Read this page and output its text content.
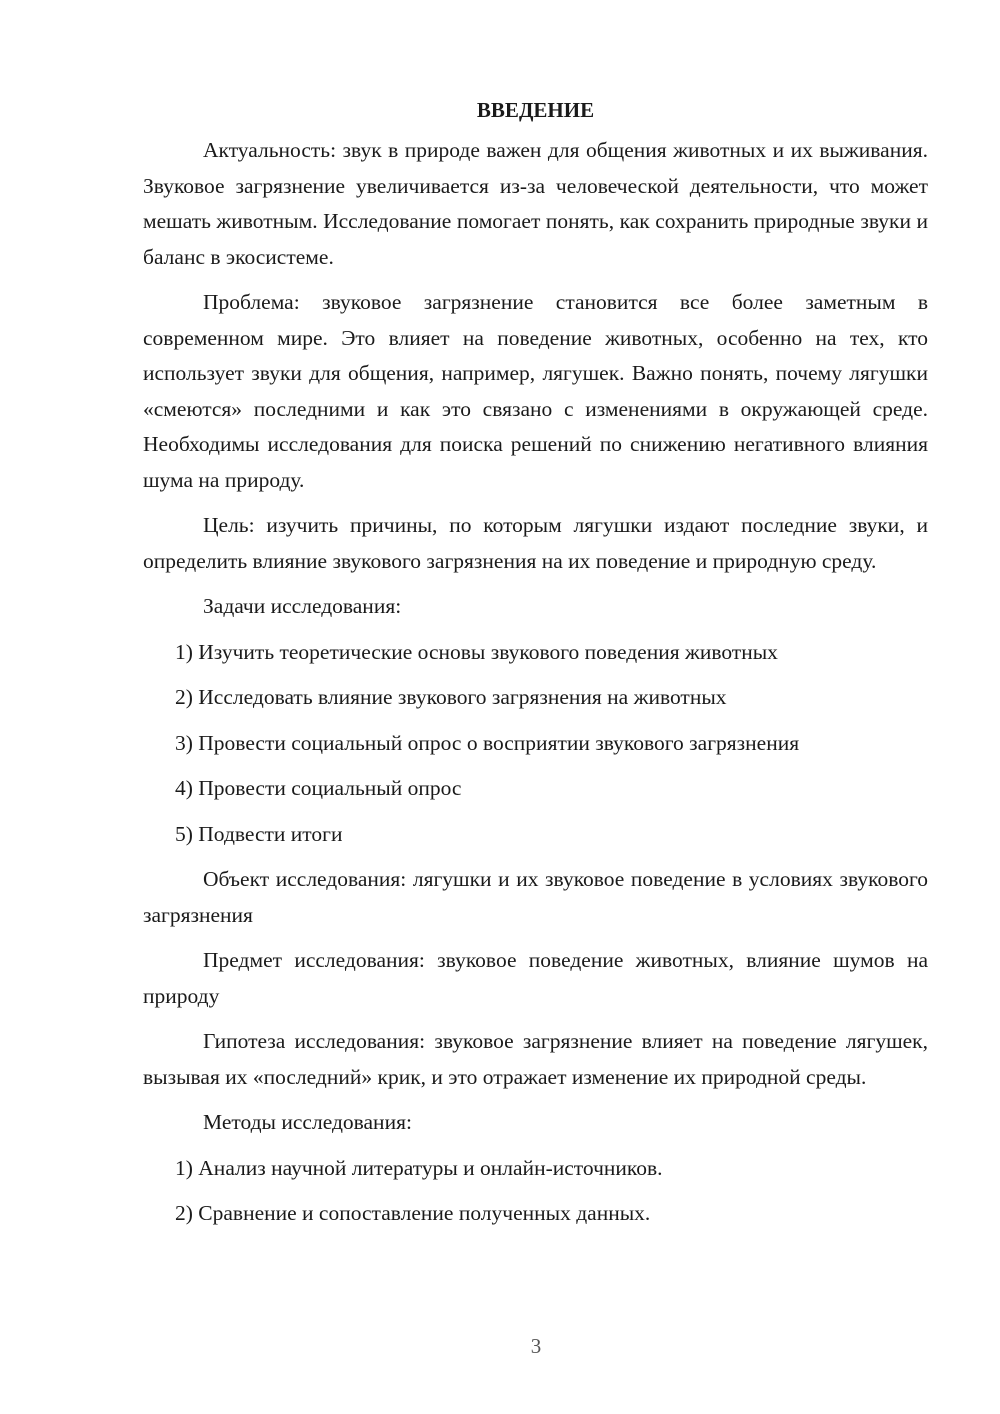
ВВЕДЕНИЕ

Актуальность: звук в природе важен для общения животных и их выживания. Звуковое загрязнение увеличивается из-за человеческой деятельности, что может мешать животным. Исследование помогает понять, как сохранить природные звуки и баланс в экосистеме.

Проблема: звуковое загрязнение становится все более заметным в современном мире. Это влияет на поведение животных, особенно на тех, кто использует звуки для общения, например, лягушек. Важно понять, почему лягушки «смеются» последними и как это связано с изменениями в окружающей среде. Необходимы исследования для поиска решений по снижению негативного влияния шума на природу.

Цель: изучить причины, по которым лягушки издают последние звуки, и определить влияние звукового загрязнения на их поведение и природную среду.

Задачи исследования:

1) Изучить теоретические основы звукового поведения животных

2) Исследовать влияние звукового загрязнения на животных

3) Провести социальный опрос о восприятии звукового загрязнения

4) Провести социальный опрос

5) Подвести итоги

Объект исследования: лягушки и их звуковое поведение в условиях звукового загрязнения

Предмет исследования: звуковое поведение животных, влияние шумов на природу

Гипотеза исследования: звуковое загрязнение влияет на поведение лягушек, вызывая их «последний» крик, и это отражает изменение их природной среды.

Методы исследования:

1) Анализ научной литературы и онлайн-источников.

2) Сравнение и сопоставление полученных данных.

3
